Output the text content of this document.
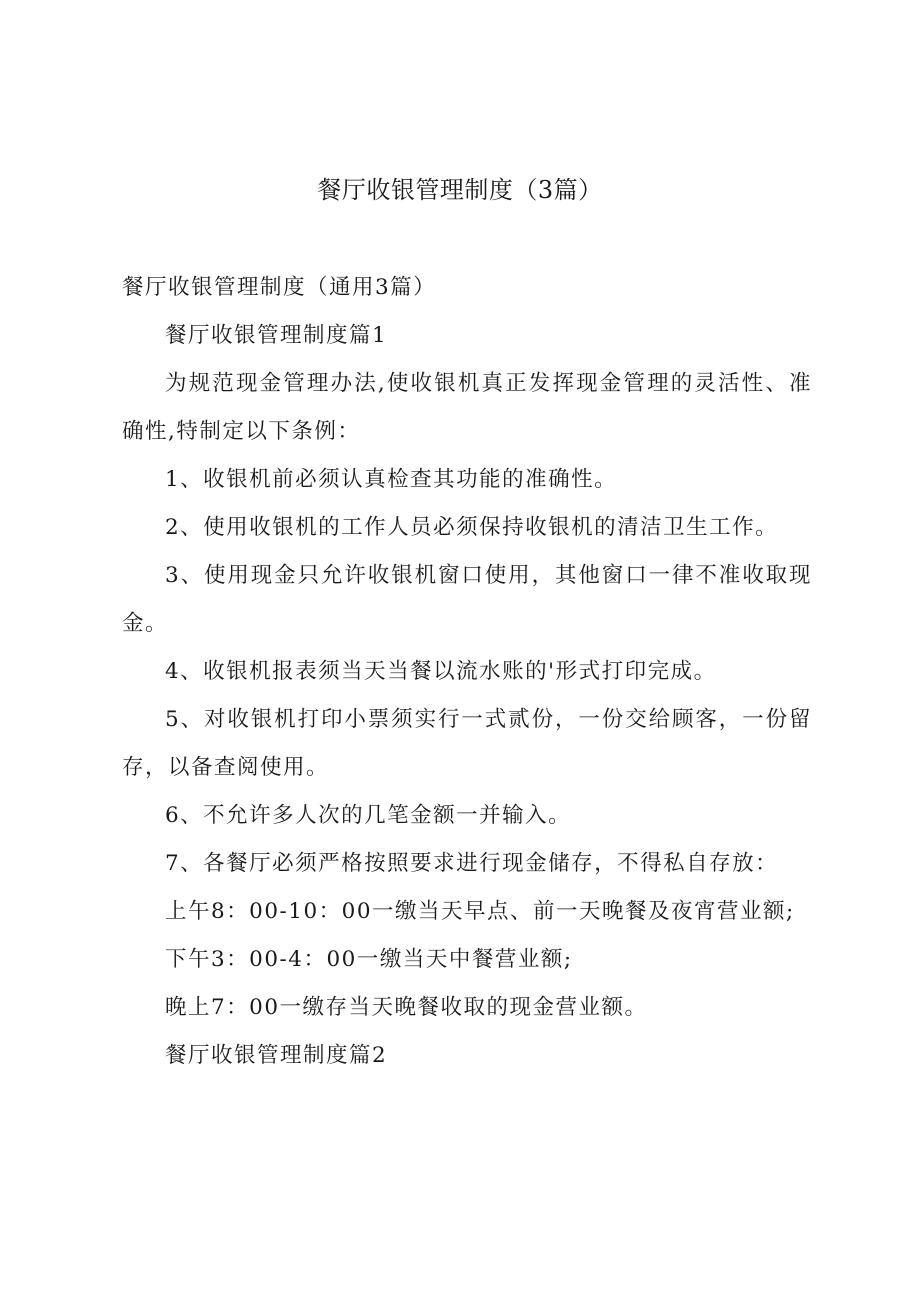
餐厅收银管理制度（3篇）

餐厅收银管理制度（通用3篇）

餐厅收银管理制度篇1

为规范现金管理办法,使收银机真正发挥现金管理的灵活性、准确性,特制定以下条例：

1、收银机前必须认真检查其功能的准确性。

2、使用收银机的工作人员必须保持收银机的清洁卫生工作。

3、使用现金只允许收银机窗口使用，其他窗口一律不准收取现金。

4、收银机报表须当天当餐以流水账的'形式打印完成。

5、对收银机打印小票须实行一式贰份，一份交给顾客，一份留存，以备查阅使用。

6、不允许多人次的几笔金额一并输入。

7、各餐厅必须严格按照要求进行现金储存，不得私自存放：

上午8：00-10：00一缴当天早点、前一天晚餐及夜宵营业额;

下午3：00-4：00一缴当天中餐营业额;

晚上7：00一缴存当天晚餐收取的现金营业额。

餐厅收银管理制度篇2
